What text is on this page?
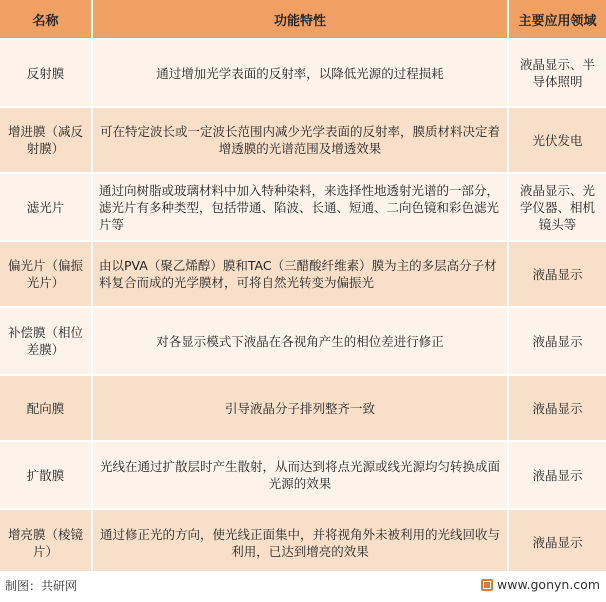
名称	功能特性	主要应用领域
反射膜	通过增加光学表面的反射率，以降低光源的过程损耗	液晶显示、半导体照明
增进膜（减反射膜）	可在特定波长或一定波长范围内减少光学表面的反射率，膜质材料决定着增透膜的光谱范围及增透效果	光伏发电
滤光片	通过向树脂或玻璃材料中加入特种染料，来选择性地透射光谱的一部分，滤光片有多种类型，包括带通、陷波、长通、短通、二向色镜和彩色滤光片等	液晶显示、光学仪器、相机镜头等
偏光片（偏振光片）	由以PVA（聚乙烯醇）膜和TAC（三醋酸纤维素）膜为主的多层高分子材料复合而成的光学膜材，可将自然光转变为偏振光	液晶显示
补偿膜（相位差膜）	对各显示模式下液晶在各视角产生的相位差进行修正	液晶显示
配向膜	引导液晶分子排列整齐一致	液晶显示
扩散膜	光线在通过扩散层时产生散射，从而达到将点光源或线光源均匀转换成面光源的效果	液晶显示
增亮膜（棱镜片）	通过修正光的方向，使光线正面集中，并将视角外未被利用的光线回收与利用，已达到增亮的效果	液晶显示
制图：共研网	www.gonyn.com
